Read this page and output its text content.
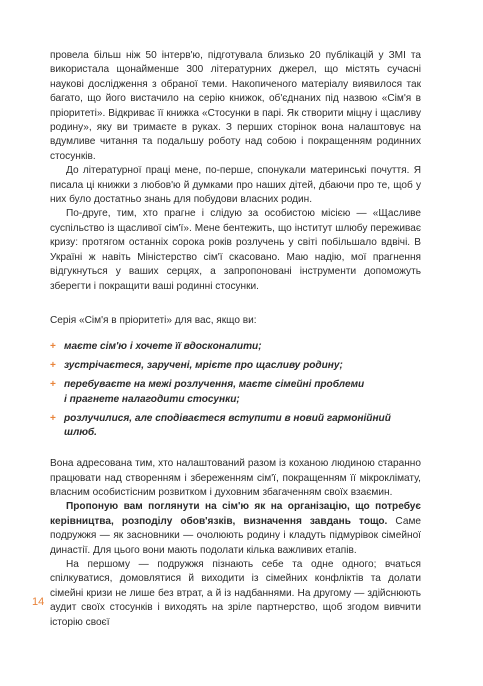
провела більш ніж 50 інтерв'ю, підготувала близько 20 публікацій у ЗМІ та використала щонайменше 300 літературних джерел, що містять сучасні наукові дослідження з обраної теми. Накопиченого матеріалу виявилося так багато, що його вистачило на серію книжок, об'єднаних під назвою «Сім'я в пріоритеті». Відкриває її книжка «Стосунки в парі. Як створити міцну і щасливу родину», яку ви тримаєте в руках. З перших сторінок вона налаштовує на вдумливе читання та подальшу роботу над собою і покращенням родинних стосунків.

До літературної праці мене, по-перше, спонукали материнські почуття. Я писала ці книжки з любов'ю й думками про наших дітей, дбаючи про те, щоб у них було достатньо знань для побудови власних родин.

По-друге, тим, хто прагне і слідую за особистою місією — «Щасливе суспільство із щасливої сім'ї». Мене бентежить, що інститут шлюбу переживає кризу: протягом останніх сорока років розлучень у світі побільшало вдвічі. В Україні ж навіть Міністерство сім'ї скасовано. Маю надію, мої прагнення відгукнуться у ваших серцях, а запропоновані інструменти допоможуть зберегти і покращити ваші родинні стосунки.

Серія «Сім'я в пріоритеті» для вас, якщо ви:

+ маєте сім'ю і хочете її вдосконалити;
+ зустрічаєтеся, заручені, мрієте про щасливу родину;
+ перебуваєте на межі розлучення, маєте сімейні проблеми
і прагнете налагодити стосунки;
+ розлучилися, але сподіваєтеся вступити в новий гармонійний шлюб.

Вона адресована тим, хто налаштований разом із коханою людиною старанно працювати над створенням і збереженням сім'ї, покращенням її мікроклімату, власним особистісним розвитком і духовним збагаченням своїх взаємин.

Пропоную вам поглянути на сім'ю як на організацію, що потребує керівництва, розподілу обов'язків, визначення завдань тощо. Саме подружжя — як засновники — очолюють родину і кладуть підмурівок сімейної династії. Для цього вони мають подолати кілька важливих етапів.

На першому — подружжя пізнають себе та одне одного; вчаться спілкуватися, домовлятися й виходити із сімейних конфліктів та долати сімейні кризи не лише без втрат, а й із надбаннями. На другому — здійснюють аудит своїх стосунків і виходять на зріле партнерство, щоб згодом вивчити історію своєї

14
